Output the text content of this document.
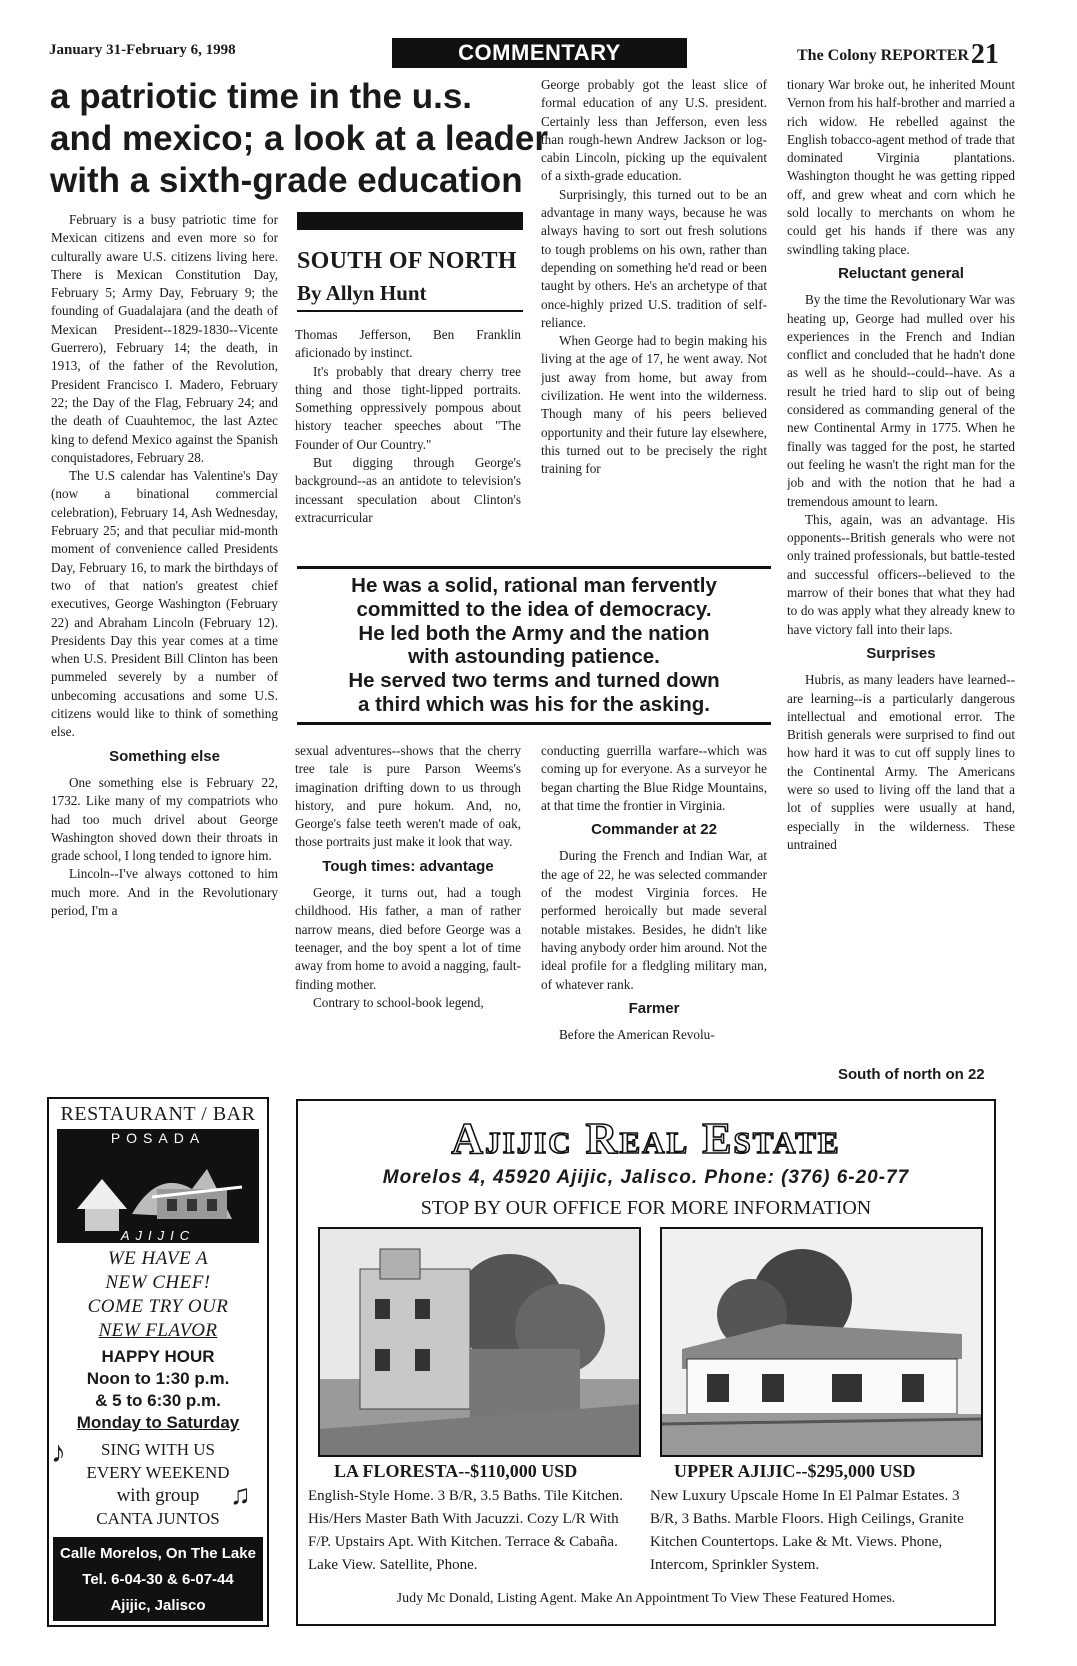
January 31-February 6, 1998	COMMENTARY	The Colony REPORTER21
a patriotic time in the u.s.
and mexico; a look at a leader
with a sixth-grade education

February is a busy patriotic time for Mexican citizens and even more so for culturally aware U.S. citizens living here. There is Mexican Constitution Day, February 5; Army Day, February 9; the founding of Guadalajara (and the death of Mexican President--1829-1830--Vicente Guerrero), February 14; the death, in 1913, of the father of the Revolution, President Francisco I. Madero, February 22; the Day of the Flag, February 24; and the death of Cuauhtemoc, the last Aztec king to defend Mexico against the Spanish conquistadores, February 28.

The U.S calendar has Valentine's Day (now a binational commercial celebration), February 14, Ash Wednesday, February 25; and that peculiar mid-month moment of convenience called Presidents Day, February 16, to mark the birthdays of two of that nation's greatest chief executives, George Washington (February 22) and Abraham Lincoln (February 12). Presidents Day this year comes at a time when U.S. President Bill Clinton has been pummeled severely by a number of unbecoming accusations and some U.S. citizens would like to think of something else.

Something else

One something else is February 22, 1732. Like many of my compatriots who had too much drivel about George Washington shoved down their throats in grade school, I long tended to ignore him.

Lincoln--I've always cottoned to him much more. And in the Revolutionary period, I'm a

SOUTH OF NORTH
By Allyn Hunt

Thomas Jefferson, Ben Franklin aficionado by instinct.

It's probably that dreary cherry tree thing and those tight-lipped portraits. Something oppressively pompous about history teacher speeches about "The Founder of Our Country."

But digging through George's background--as an antidote to television's incessant speculation about Clinton's extracurricular

George probably got the least slice of formal education of any U.S. president. Certainly less than Jefferson, even less than rough-hewn Andrew Jackson or log-cabin Lincoln, picking up the equivalent of a sixth-grade education.

Surprisingly, this turned out to be an advantage in many ways, because he was always having to sort out fresh solutions to tough problems on his own, rather than depending on something he'd read or been taught by others. He's an archetype of that once-highly prized U.S. tradition of self-reliance.

When George had to begin making his living at the age of 17, he went away. Not just away from home, but away from civilization. He went into the wilderness. Though many of his peers believed opportunity and their future lay elsewhere, this turned out to be precisely the right training for

tionary War broke out, he inherited Mount Vernon from his half-brother and married a rich widow. He rebelled against the English tobacco-agent method of trade that dominated Virginia plantations. Washington thought he was getting ripped off, and grew wheat and corn which he sold locally to merchants on whom he could get his hands if there was any swindling taking place.

Reluctant general

By the time the Revolutionary War was heating up, George had mulled over his experiences in the French and Indian conflict and concluded that he hadn't done as well as he should--could--have. As a result he tried hard to slip out of being considered as commanding general of the new Continental Army in 1775. When he finally was tagged for the post, he started out feeling he wasn't the right man for the job and with the notion that he had a tremendous amount to learn.

This, again, was an advantage. His opponents--British generals who were not only trained professionals, but battle-tested and successful officers--believed to the marrow of their bones that what they had to do was apply what they already knew to have victory fall into their laps.

Surprises

Hubris, as many leaders have learned--are learning--is a particularly dangerous intellectual and emotional error. The British generals were surprised to find out how hard it was to cut off supply lines to the Continental Army. The Americans were so used to living off the land that a lot of supplies were usually at hand, especially in the wilderness. These untrained

He was a solid, rational man fervently
committed to the idea of democracy.
He led both the Army and the nation
with astounding patience.
He served two terms and turned down
a third which was his for the asking.

sexual adventures--shows that the cherry tree tale is pure Parson Weems's imagination drifting down to us through history, and pure hokum. And, no, George's false teeth weren't made of oak, those portraits just make it look that way.

Tough times: advantage

George, it turns out, had a tough childhood. His father, a man of rather narrow means, died before George was a teenager, and the boy spent a lot of time away from home to avoid a nagging, fault-finding mother.

Contrary to school-book legend,

conducting guerrilla warfare--which was coming up for everyone. As a surveyor he began charting the Blue Ridge Mountains, at that time the frontier in Virginia.

Commander at 22

During the French and Indian War, at the age of 22, he was selected commander of the modest Virginia forces. He performed heroically but made several notable mistakes. Besides, he didn't like having anybody order him around. Not the ideal profile for a fledgling military man, of whatever rank.

Farmer

Before the American Revolu-

South of north on 22
RESTAURANT / BAR
POSADA
AJIJIC
WE HAVE A
NEW CHEF!
COME TRY OUR
NEW FLAVOR
HAPPY HOUR
Noon to 1:30 p.m.
& 5 to 6:30 p.m.
Monday to Saturday
♪	SING WITH US
EVERY WEEKEND
with group	♫
CANTA JUNTOS
Calle Morelos, On The Lake
Tel. 6-04-30 & 6-07-44
Ajijic, Jalisco
Ajijic Real Estate
Morelos 4, 45920 Ajijic, Jalisco. Phone: (376) 6-20-77
STOP BY OUR OFFICE FOR MORE INFORMATION
LA FLORESTA--$110,000 USD	UPPER AJIJIC--$295,000 USD
English-Style Home. 3 B/R, 3.5 Baths. Tile Kitchen. His/Hers Master Bath With Jacuzzi. Cozy L/R With F/P. Upstairs Apt. With Kitchen. Terrace & Cabaña. Lake View. Satellite, Phone.
New Luxury Upscale Home In El Palmar Estates. 3 B/R, 3 Baths. Marble Floors. High Ceilings, Granite Kitchen Countertops. Lake & Mt. Views. Phone, Intercom, Sprinkler System.
Judy Mc Donald, Listing Agent. Make An Appointment To View These Featured Homes.
